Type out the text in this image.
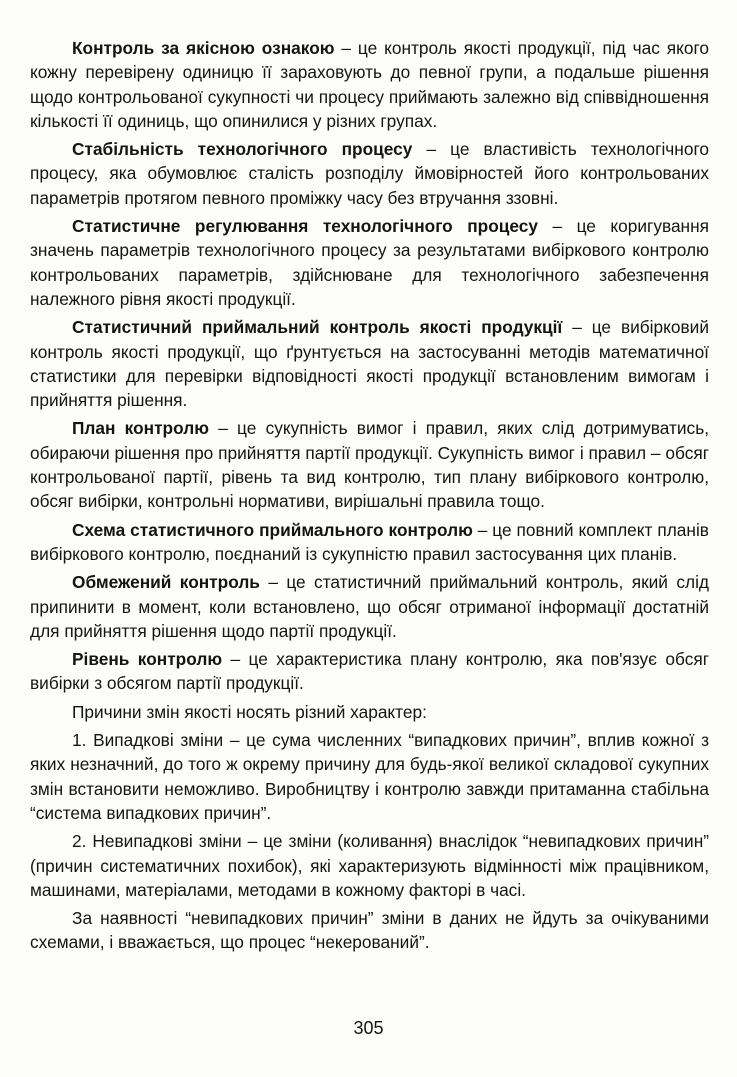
Контроль за якісною ознакою – це контроль якості продукції, під час якого кожну перевірену одиницю її зараховують до певної групи, а подальше рішення щодо контрольованої сукупності чи процесу приймають залежно від співвідношення кількості її одиниць, що опинилися у різних групах.

Стабільність технологічного процесу – це властивість технологічного процесу, яка обумовлює сталість розподілу ймовірностей його контрольованих параметрів протягом певного проміжку часу без втручання ззовні.

Статистичне регулювання технологічного процесу – це коригування значень параметрів технологічного процесу за результатами вибіркового контролю контрольованих параметрів, здійснюване для технологічного забезпечення належного рівня якості продукції.

Статистичний приймальний контроль якості продукції – це вибірковий контроль якості продукції, що ґрунтується на застосуванні методів математичної статистики для перевірки відповідності якості продукції встановленим вимогам і прийняття рішення.

План контролю – це сукупність вимог і правил, яких слід дотримуватись, обираючи рішення про прийняття партії продукції. Сукупність вимог і правил – обсяг контрольованої партії, рівень та вид контролю, тип плану вибіркового контролю, обсяг вибірки, контрольні нормативи, вирішальні правила тощо.

Схема статистичного приймального контролю – це повний комплект планів вибіркового контролю, поєднаний із сукупністю правил застосування цих планів.

Обмежений контроль – це статистичний приймальний контроль, який слід припинити в момент, коли встановлено, що обсяг отриманої інформації достатній для прийняття рішення щодо партії продукції.

Рівень контролю – це характеристика плану контролю, яка пов'язує обсяг вибірки з обсягом партії продукції.

Причини змін якості носять різний характер:

1. Випадкові зміни – це сума численних “випадкових причин”, вплив кожної з яких незначний, до того ж окрему причину для будь-якої великої складової сукупних змін встановити неможливо. Виробництву і контролю завжди притаманна стабільна “система випадкових причин”.

2. Невипадкові зміни – це зміни (коливання) внаслідок “невипадкових причин” (причин систематичних похибок), які характеризують відмінності між працівником, машинами, матеріалами, методами в кожному факторі в часі.

За наявності “невипадкових причин” зміни в даних не йдуть за очікуваними схемами, і вважається, що процес “некерований”.

305
